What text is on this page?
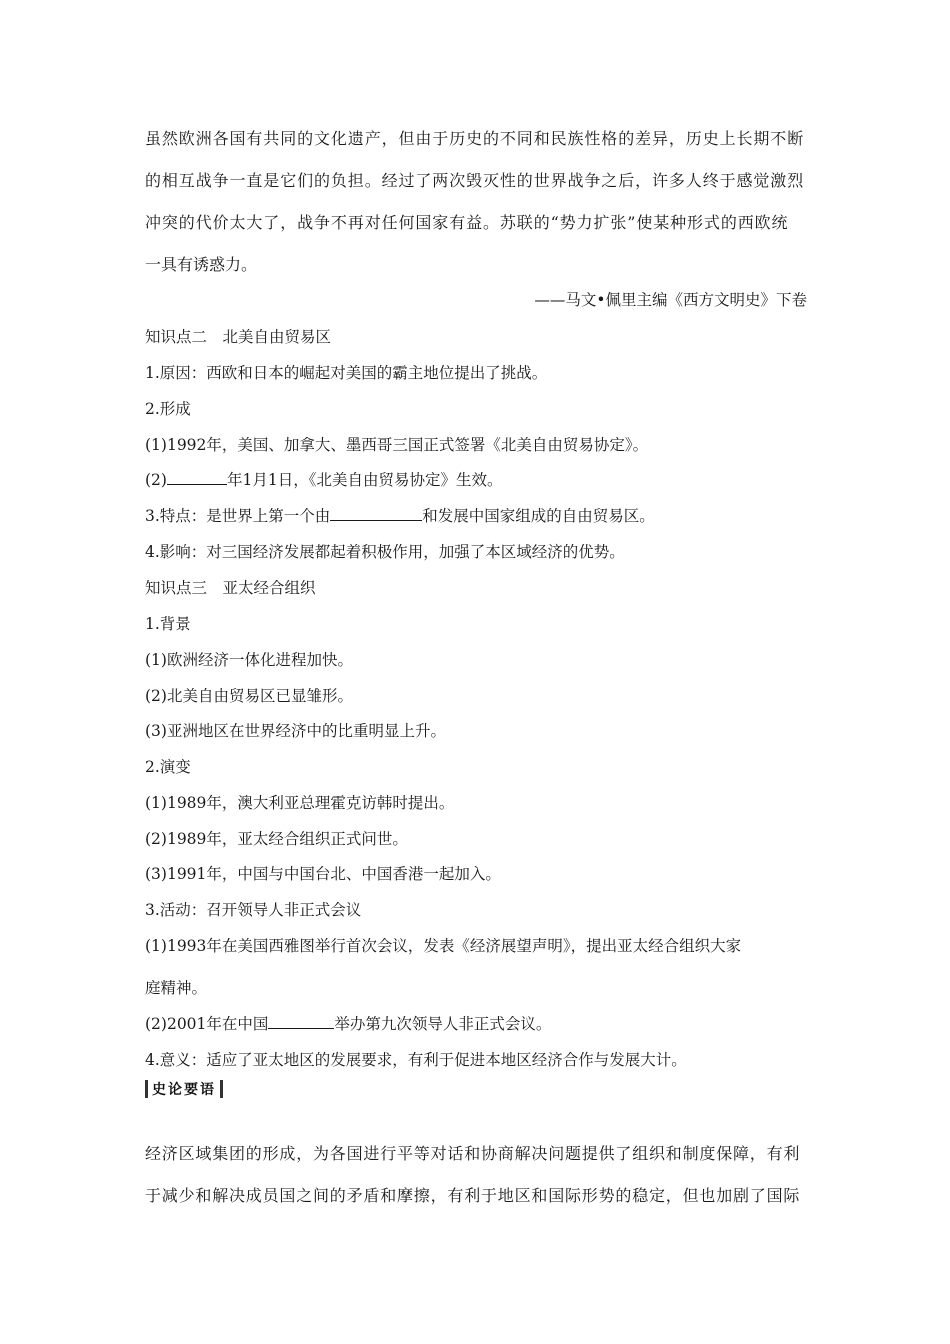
虽然欧洲各国有共同的文化遗产，但由于历史的不同和民族性格的差异，历史上长期不断
的相互战争一直是它们的负担。经过了两次毁灭性的世界战争之后，许多人终于感觉激烈
冲突的代价太大了，战争不再对任何国家有益。苏联的“势力扩张”使某种形式的西欧统
一具有诱惑力。
——马文•佩里主编《西方文明史》下卷
知识点二　北美自由贸易区
1.原因：西欧和日本的崛起对美国的霸主地位提出了挑战。
2.形成
(1)1992年，美国、加拿大、墨西哥三国正式签署《北美自由贸易协定》。
(2)	年1月1日，《北美自由贸易协定》生效。
3.特点：是世界上第一个由	和发展中国家组成的自由贸易区。
4.影响：对三国经济发展都起着积极作用，加强了本区域经济的优势。
知识点三　亚太经合组织
1.背景
(1)欧洲经济一体化进程加快。
(2)北美自由贸易区已显雏形。
(3)亚洲地区在世界经济中的比重明显上升。
2.演变
(1)1989年，澳大利亚总理霍克访韩时提出。
(2)1989年，亚太经合组织正式问世。
(3)1991年，中国与中国台北、中国香港一起加入。
3.活动：召开领导人非正式会议
(1)1993年在美国西雅图举行首次会议，发表《经济展望声明》，提出亚太经合组织大家
庭精神。
(2)2001年在中国	举办第九次领导人非正式会议。
4.意义：适应了亚太地区的发展要求，有利于促进本地区经济合作与发展大计。
史论要语
经济区域集团的形成，为各国进行平等对话和协商解决问题提供了组织和制度保障，有利
于减少和解决成员国之间的矛盾和摩擦，有利于地区和国际形势的稳定，但也加剧了国际
